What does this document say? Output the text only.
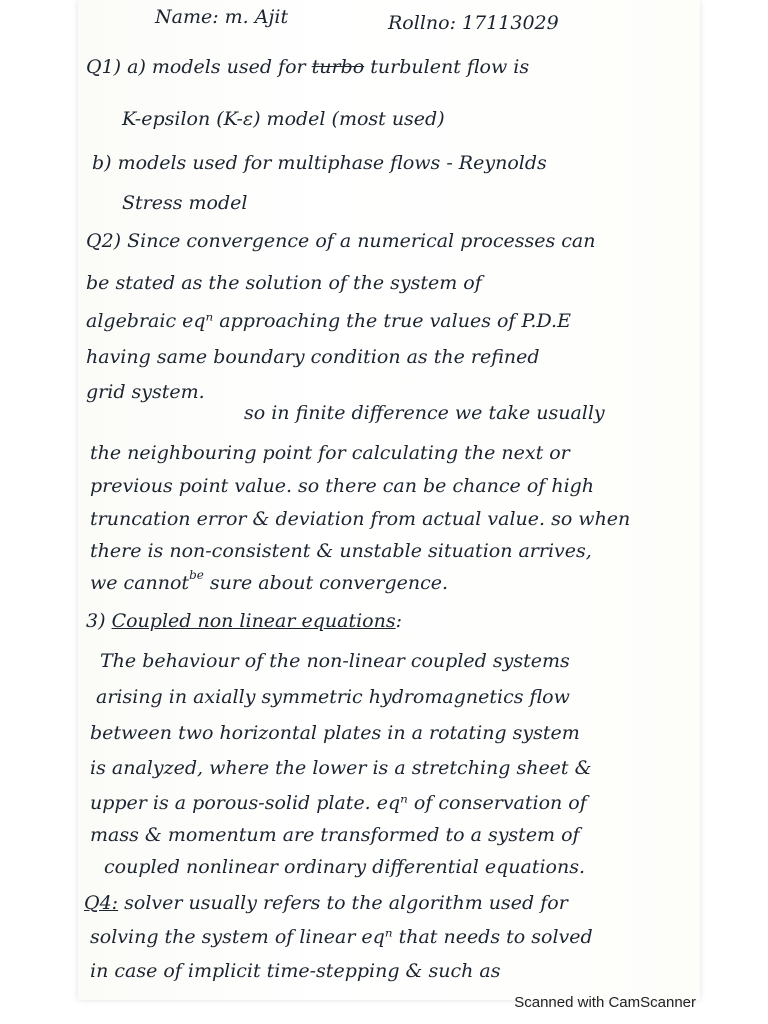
Name: m. Ajit	Rollno: 17113029
Q1) a) models used for turbo turbulent flow is
K-epsilon (K-ε) model (most used)
b) models used for multiphase flows - Reynolds
Stress model
Q2) Since convergence of a numerical processes can
be stated as the solution of the system of
algebraic eqⁿ approaching the true values of P.D.E
having same boundary condition as the refined
grid system.
so in finite difference we take usually
the neighbouring point for calculating the next or
previous point value. so there can be chance of high
truncation error & deviation from actual value. so when
there is non-consistent & unstable situation arrives,
we cannot$^{be}$ sure about convergence.
3) Coupled non linear equations:
The behaviour of the non-linear coupled systems
arising in axially symmetric hydromagnetics flow
between two horizontal plates in a rotating system
is analyzed, where the lower is a stretching sheet &
upper is a porous-solid plate. eqⁿ of conservation of
mass & momentum are transformed to a system of
coupled nonlinear ordinary differential equations.
Q4: solver usually refers to the algorithm used for
solving the system of linear eqⁿ that needs to solved
in case of implicit time-stepping & such as
Scanned with CamScanner
